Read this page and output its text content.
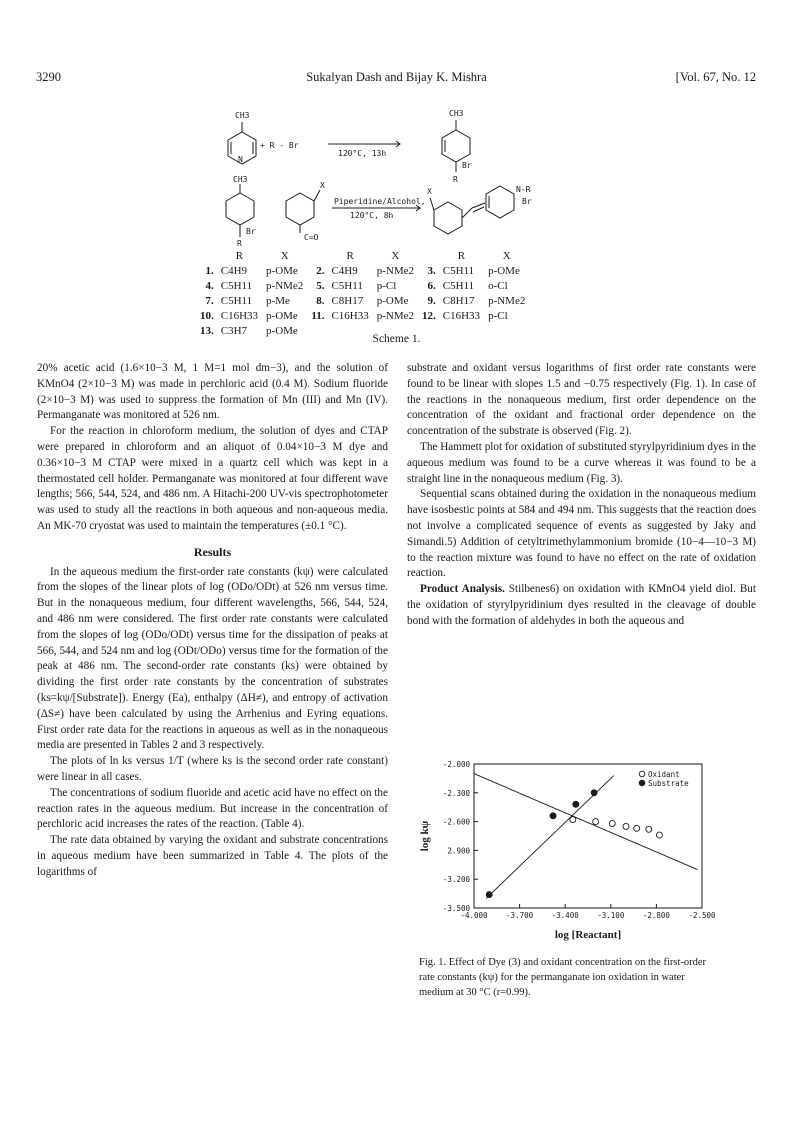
3290	Sukalyan Dash and Bijay K. Mishra	[Vol. 67, No. 12
CH3
N
+ R - Br
120°C, 13h
CH3
Br
R
CH3
Br
R
X
C=O
Piperidine/Alcohol,
120°C, 8h
X	N-R
Br
	R	X		R	X		R	X
1.	C4H9	p-OMe	2.	C4H9	p-NMe2	3.	C5H11	p-OMe
4.	C5H11	p-NMe2	5.	C5H11	p-Cl	6.	C5H11	o-Cl
7.	C5H11	p-Me	8.	C8H17	p-OMe	9.	C8H17	p-NMe2
10.	C16H33	p-OMe	11.	C16H33	p-NMe2	12.	C16H33	p-Cl
13.	C3H7	p-OMe						
Scheme 1.

20% acetic acid (1.6×10−3 M, 1 M=1 mol dm−3), and the solution of KMnO4 (2×10−3 M) was made in perchloric acid (0.4 M). Sodium fluoride (2×10−3 M) was used to suppress the formation of Mn (III) and Mn (IV). Permanganate was monitored at 526 nm.

For the reaction in chloroform medium, the solution of dyes and CTAP were prepared in chloroform and an aliquot of 0.04×10−3 M dye and 0.36×10−3 M CTAP were mixed in a quartz cell which was kept in a thermostated cell holder. Permanganate was monitored at four different wave lengths; 566, 544, 524, and 486 nm. A Hitachi-200 UV-vis spectrophotometer was used to study all the reactions in both aqueous and non-aqueous media. An MK-70 cryostat was used to maintain the temperatures (±0.1 °C).

Results

In the aqueous medium the first-order rate constants (kψ) were calculated from the slopes of the linear plots of log (ODo/ODt) at 526 nm versus time. But in the nonaqueous medium, four different wavelengths, 566, 544, 524, and 486 nm were considered. The first order rate constants were calculated from the slopes of log (ODo/ODt) versus time for the dissipation of peaks at 566, 544, and 524 nm and log (ODt/ODo) versus time for the formation of the peak at 486 nm. The second-order rate constants (ks) were obtained by dividing the first order rate constants by the concentration of substrates (ks=kψ/[Substrate]). Energy (Ea), enthalpy (ΔH≠), and entropy of activation (ΔS≠) have been calculated by using the Arrhenius and Eyring equations. First order rate data for the reactions in aqueous as well as in the nonaqueous media are presented in Tables 2 and 3 respectively.

The plots of ln ks versus 1/T (where ks is the second order rate constant) were linear in all cases.

The concentrations of sodium fluoride and acetic acid have no effect on the reaction rates in the aqueous medium. But increase in the concentration of perchloric acid increases the rates of the reaction. (Table 4).

The rate data obtained by varying the oxidant and substrate concentrations in aqueous medium have been summarized in Table 4. The plots of the logarithms of

substrate and oxidant versus logarithms of first order rate constants were found to be linear with slopes 1.5 and −0.75 respectively (Fig. 1). In case of the reactions in the nonaqueous medium, first order dependence on the concentration of the oxidant and fractional order dependence on the concentration of the substrate is observed (Fig. 2).

The Hammett plot for oxidation of substituted styrylpyridinium dyes in the aqueous medium was found to be a curve whereas it was found to be a straight line in the nonaqueous medium (Fig. 3).

Sequential scans obtained during the oxidation in the nonaqueous medium have isosbestic points at 584 and 494 nm. This suggests that the reaction does not involve a complicated sequence of events as suggested by Jaky and Simandi.5) Addition of cetyltrimethylammonium bromide (10−4—10−3 M) to the reaction mixture was found to have no effect on the rate of oxidation reaction.

Product Analysis. Stilbenes6) on oxidation with KMnO4 yield diol. But the oxidation of styrylpyridinium dyes resulted in the cleavage of double bond with the formation of aldehydes in both the aqueous and

-2.000
-2.300
-2.600
2.900
-3.200
-3.500
-4.000 -3.700 -3.400 -3.100 -2.800 -2.500
log [Reactant]
log kψ
Oxidant
Substrate

Fig. 1. Effect of Dye (3) and oxidant concentration on the first-order rate constants (kψ) for the permanganate ion oxidation in water medium at 30 °C (r=0.99).
